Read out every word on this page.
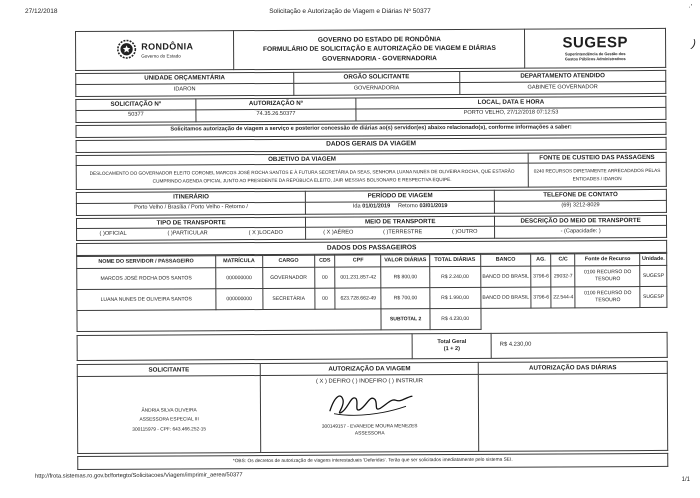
27/12/2018	Solicitação e Autorização de Viagem e Diárias Nº 50377
·'
)
RONDÔNIA
Governo do Estado

GOVERNO DO ESTADO DE RONDÔNIA
FORMULÁRIO DE SOLICITAÇÃO E AUTORIZAÇÃO DE VIAGEM E DIÁRIAS
GOVERNADORIA - GOVERNADORIA

SUGESP
Superintendência de Gestão dos
Gastos Públicos Administrativos
UNIDADE ORÇAMENTÁRIA	ORGÃO SOLICITANTE	DEPARTAMENTO ATENDIDO
IDARON	GOVERNADORIA	GABINETE GOVERNADOR
SOLICITAÇÃO Nº	AUTORIZAÇÃO Nº	LOCAL, DATA E HORA
50377	74.35.26.50377	PORTO VELHO, 27/12/2018 07:12:53
Solicitamos autorização de viagem a serviço e posterior concessão de diárias ao(s) servidor(es) abaixo relacionado(s), conforme informações a saber:
DADOS GERAIS DA VIAGEM
OBJETIVO DA VIAGEM	FONTE DE CUSTEIO DAS PASSAGENS
DESLOCAMENTO DO GOVERNADOR ELEITO CORONEL MARCOS JOSÉ ROCHA SANTOS E À FUTURA SECRETÁRIA DA SEAS, SENHORA LUANA NUNES DE OLIVEIRA ROCHA, QUE ESTARÃO CUMPRINDO AGENDA OFICIAL JUNTO AO PRESIDENTE DA REPÚBLICA ELEITO, JAIR MESSIAS BOLSONARO E RESPECTIVA EQUIPE.	0240 RECURSOS DIRETAMENTE ARRECADADOS PELAS ENTIDADES / IDARON
ITINERÁRIO	PERÍODO DE VIAGEM	TELEFONE DE CONTATO
Porto Velho / Brasília / Porto Velho - Retorno /	Ida 01/01/2019 Retorno 03/01/2019	(69) 3212-8029
TIPO DE TRANSPORTE	MEIO DE TRANSPORTE	DESCRIÇÃO DO MEIO DE TRANSPORTE

( )OFICIAL ( )PARTICULAR ( X )LOCADO	( X )AÉREO ( )TERRESTRE ( )OUTRO	- (Capacidade: )
DADOS DOS PASSAGEIROS
NOME DO SERVIDOR / PASSAGEIRO	MATRÍCULA	CARGO	CDS	CPF	VALOR DIÁRIAS	TOTAL DIÁRIAS	BANCO	AG.	C/C	Fonte de Recurso	Unidade.
MARCOS JOSÉ ROCHA DOS SANTOS	000000000	GOVERNADOR	00	001.231.857-42	R$ 800,00	R$ 2.240,00	BANCO DO BRASIL	3796-6	29032-7	0100 RECURSO DO TESOURO	SUGESP
LUANA NUNES DE OLIVEIRA SANTOS	000000000	SECRETÁRIA	00	623.728.662-49	R$ 700,00	R$ 1.990,00	BANCO DO BRASIL	3796-6	22.544-4	0100 RECURSO DO TESOURO	SUGESP
					SUBTOTAL 2	R$ 4.230,00					

Total Geral
(1 + 2)
	R$ 4.230,00
SOLICITANTE	AUTORIZAÇÃO DA VIAGEM	AUTORIZAÇÃO DAS DIÁRIAS

ÂNDRIA SILVA OLIVEIRA
ASSESSORA ESPECIAL III
300115979 - CPF: 643.466.252-15

( X ) DEFIRO ( ) INDEFIRO ( ) INSTRUIR
300149157 - EVANEIDE MOURA MENEZES
ASSESSORA

*OBS: Os decretos de autorização de viagens interestaduais 'Deferidas'. Terão que ser solicitados imediatamente pelo sistema SEI.
http://frota.sistemas.ro.gov.br/fortegto/Solicitacoes/Viagem/imprimir_aerea/50377
1/1
